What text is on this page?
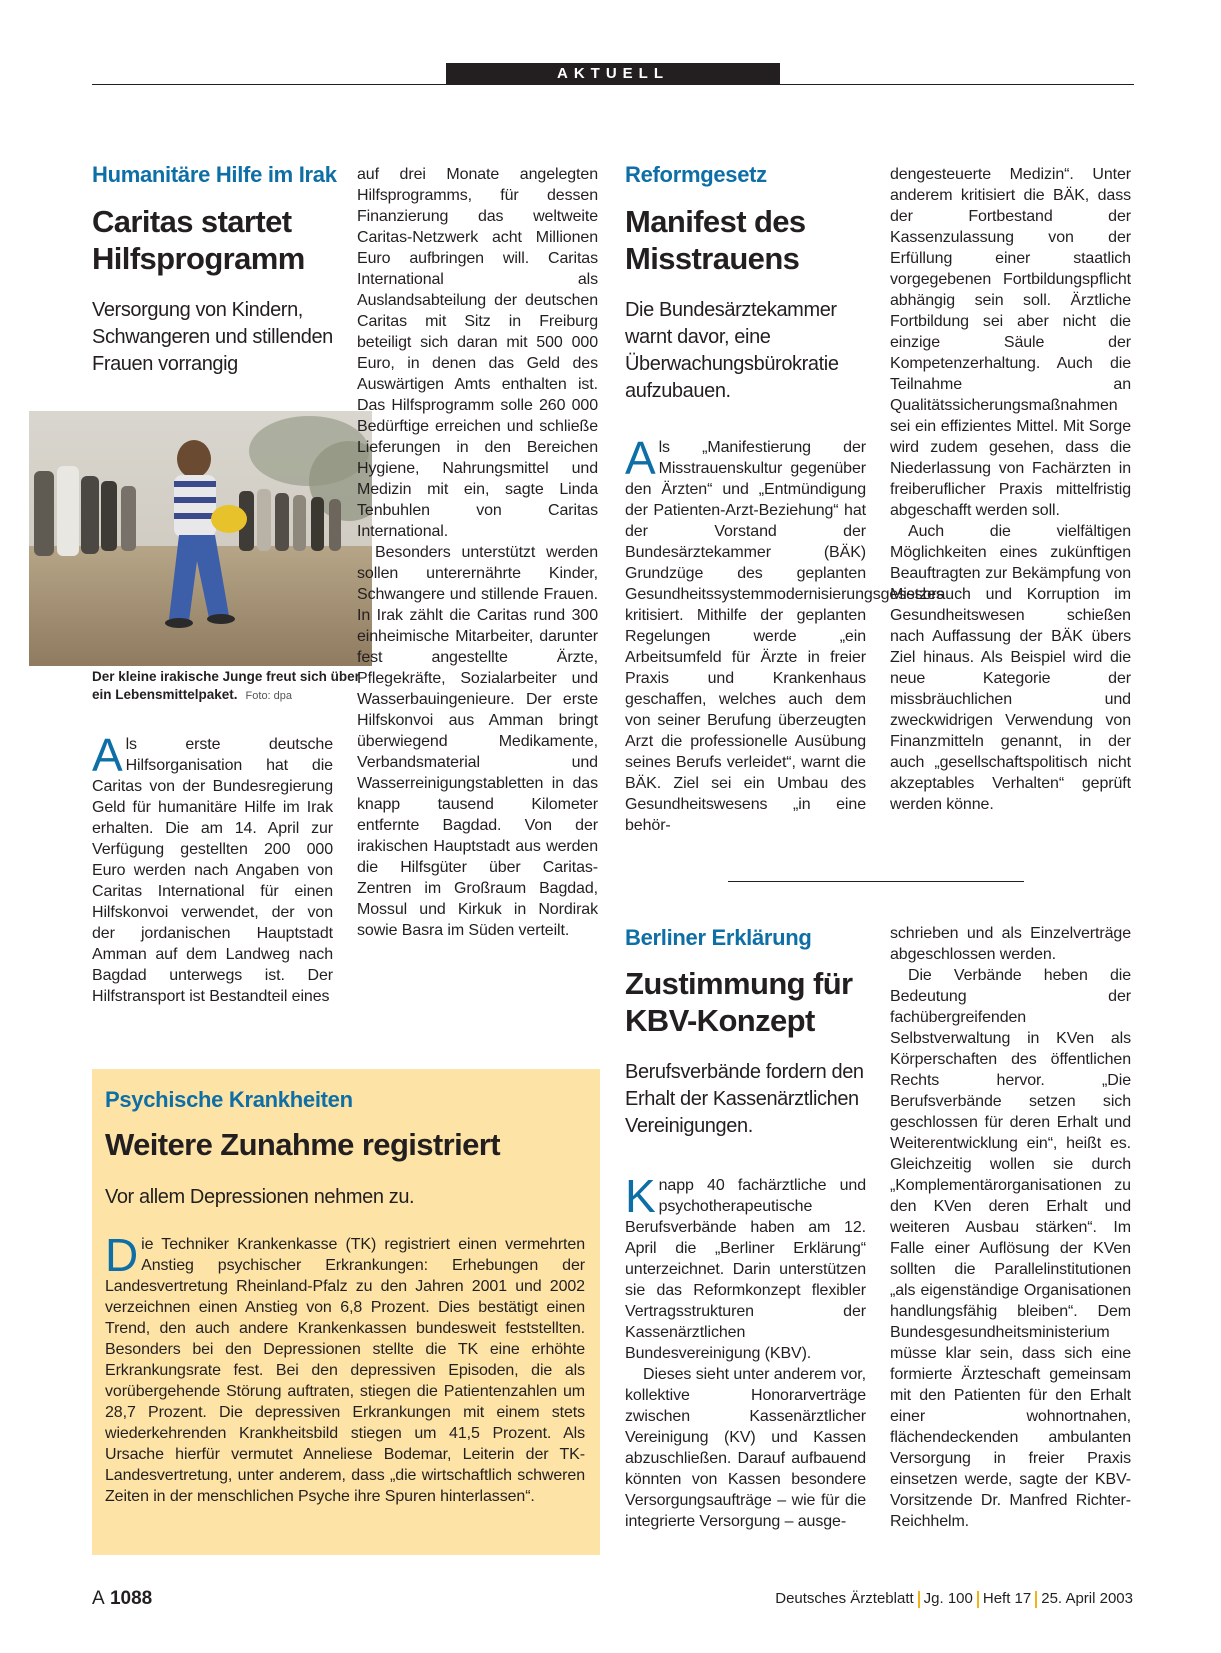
AKTUELL
Humanitäre Hilfe im Irak
Caritas startet Hilfsprogramm
Versorgung von Kindern, Schwangeren und stillenden Frauen vorrangig
Der kleine irakische Junge freut sich über ein Lebensmittelpaket. Foto: dpa

Als erste deutsche Hilfsorganisation hat die Caritas von der Bundesregierung Geld für humanitäre Hilfe im Irak erhalten. Die am 14. April zur Verfügung gestellten 200 000 Euro werden nach Angaben von Caritas International für einen Hilfskonvoi verwendet, der von der jordanischen Hauptstadt Amman auf dem Landweg nach Bagdad unterwegs ist. Der Hilfstransport ist Bestandteil eines

auf drei Monate angelegten Hilfsprogramms, für dessen Finanzierung das weltweite Caritas-Netzwerk acht Millionen Euro aufbringen will. Caritas International als Auslandsabteilung der deutschen Caritas mit Sitz in Freiburg beteiligt sich daran mit 500 000 Euro, in denen das Geld des Auswärtigen Amts enthalten ist. Das Hilfsprogramm solle 260 000 Bedürftige erreichen und schließe Lieferungen in den Bereichen Hygiene, Nahrungsmittel und Medizin mit ein, sagte Linda Tenbuhlen von Caritas International.

Besonders unterstützt werden sollen unterernährte Kinder, Schwangere und stillende Frauen. In Irak zählt die Caritas rund 300 einheimische Mitarbeiter, darunter fest angestellte Ärzte, Pflegekräfte, Sozialarbeiter und Wasserbauingenieure. Der erste Hilfskonvoi aus Amman bringt überwiegend Medikamente, Verbandsmaterial und Wasserreinigungstabletten in das knapp tausend Kilometer entfernte Bagdad. Von der irakischen Hauptstadt aus werden die Hilfsgüter über Caritas-Zentren im Großraum Bagdad, Mossul und Kirkuk in Nordirak sowie Basra im Süden verteilt.

Reformgesetz
Manifest des Misstrauens
Die Bundesärztekammer warnt davor, eine Überwachungsbürokratie aufzubauen.

Als „Manifestierung der Misstrauenskultur gegenüber den Ärzten“ und „Entmündigung der Patienten-Arzt-Beziehung“ hat der Vorstand der Bundesärztekammer (BÄK) Grundzüge des geplanten Gesundheitssystemmodernisierungsgesetzes kritisiert. Mithilfe der geplanten Regelungen werde „ein Arbeitsumfeld für Ärzte in freier Praxis und Krankenhaus geschaffen, welches auch dem von seiner Berufung überzeugten Arzt die professionelle Ausübung seines Berufs verleidet“, warnt die BÄK. Ziel sei ein Umbau des Gesundheitswesens „in eine behör-

dengesteuerte Medizin“. Unter anderem kritisiert die BÄK, dass der Fortbestand der Kassenzulassung von der Erfüllung einer staatlich vorgegebenen Fortbildungspflicht abhängig sein soll. Ärztliche Fortbildung sei aber nicht die einzige Säule der Kompetenzerhaltung. Auch die Teilnahme an Qualitätssicherungsmaßnahmen sei ein effizientes Mittel. Mit Sorge wird zudem gesehen, dass die Niederlassung von Fachärzten in freiberuflicher Praxis mittelfristig abgeschafft werden soll.

Auch die vielfältigen Möglichkeiten eines zukünftigen Beauftragten zur Bekämpfung von Missbrauch und Korruption im Gesundheitswesen schießen nach Auffassung der BÄK übers Ziel hinaus. Als Beispiel wird die neue Kategorie der missbräuchlichen und zweckwidrigen Verwendung von Finanzmitteln genannt, in der auch „gesellschaftspolitisch nicht akzeptables Verhalten“ geprüft werden könne.

Berliner Erklärung
Zustimmung für KBV-Konzept
Berufsverbände fordern den Erhalt der Kassenärztlichen Vereinigungen.

Knapp 40 fachärztliche und psychotherapeutische Berufsverbände haben am 12. April die „Berliner Erklärung“ unterzeichnet. Darin unterstützen sie das Reformkonzept flexibler Vertragsstrukturen der Kassenärztlichen Bundesvereinigung (KBV).

Dieses sieht unter anderem vor, kollektive Honorarverträge zwischen Kassenärztlicher Vereinigung (KV) und Kassen abzuschließen. Darauf aufbauend könnten von Kassen besondere Versorgungsaufträge – wie für die integrierte Versorgung – ausge-

schrieben und als Einzelverträge abgeschlossen werden.

Die Verbände heben die Bedeutung der fachübergreifenden Selbstverwaltung in KVen als Körperschaften des öffentlichen Rechts hervor. „Die Berufsverbände setzen sich geschlossen für deren Erhalt und Weiterentwicklung ein“, heißt es. Gleichzeitig wollen sie durch „Komplementärorganisationen zu den KVen deren Erhalt und weiteren Ausbau stärken“. Im Falle einer Auflösung der KVen sollten die Parallelinstitutionen „als eigenständige Organisationen handlungsfähig bleiben“. Dem Bundesgesundheitsministerium müsse klar sein, dass sich eine formierte Ärzteschaft gemeinsam mit den Patienten für den Erhalt einer wohnortnahen, flächendeckenden ambulanten Versorgung in freier Praxis einsetzen werde, sagte der KBV-Vorsitzende Dr. Manfred Richter-Reichhelm.

Psychische Krankheiten
Weitere Zunahme registriert
Vor allem Depressionen nehmen zu.

Die Techniker Krankenkasse (TK) registriert einen vermehrten Anstieg psychischer Erkrankungen: Erhebungen der Landesvertretung Rheinland-Pfalz zu den Jahren 2001 und 2002 verzeichnen einen Anstieg von 6,8 Prozent. Dies bestätigt einen Trend, den auch andere Krankenkassen bundesweit feststellten. Besonders bei den Depressionen stellte die TK eine erhöhte Erkrankungsrate fest. Bei den depressiven Episoden, die als vorübergehende Störung auftraten, stiegen die Patientenzahlen um 28,7 Prozent. Die depressiven Erkrankungen mit einem stets wiederkehrenden Krankheitsbild stiegen um 41,5 Prozent. Als Ursache hierfür vermutet Anneliese Bodemar, Leiterin der TK-Landesvertretung, unter anderem, dass „die wirtschaftlich schweren Zeiten in der menschlichen Psyche ihre Spuren hinterlassen“.

A 1088	Deutsches Ärzteblatt Jg. 100 Heft 17 25. April 2003
